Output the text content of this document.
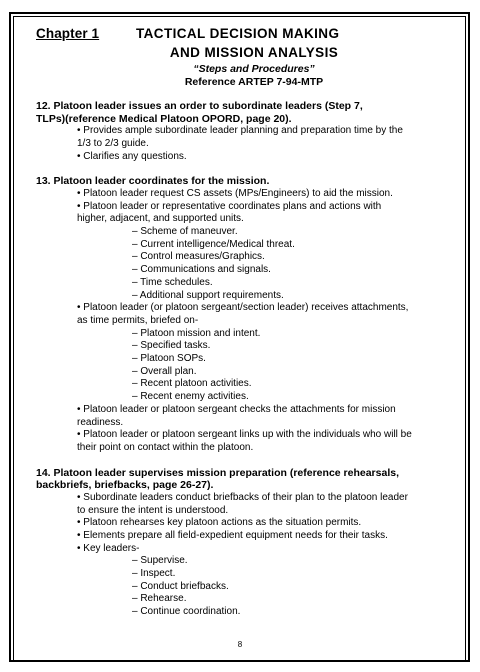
Chapter 1	TACTICAL DECISION MAKING
AND MISSION ANALYSIS
“Steps and Procedures”
Reference ARTEP 7-94-MTP
12. Platoon leader issues an order to subordinate leaders (Step 7,
TLPs)(reference Medical Platoon OPORD, page 20).
• Provides ample subordinate leader planning and preparation time by the
1/3 to 2/3 guide.
• Clarifies any questions.
13. Platoon leader coordinates for the mission.
• Platoon leader request CS assets (MPs/Engineers) to aid the mission.
• Platoon leader or representative coordinates plans and actions with
higher, adjacent, and supported units.
– Scheme of maneuver.
– Current intelligence/Medical threat.
– Control measures/Graphics.
– Communications and signals.
– Time schedules.
– Additional support requirements.
• Platoon leader (or platoon sergeant/section leader) receives attachments,
as time permits, briefed on-
– Platoon mission and intent.
– Specified tasks.
– Platoon SOPs.
– Overall plan.
– Recent platoon activities.
– Recent enemy activities.
• Platoon leader or platoon sergeant checks the attachments for mission
readiness.
• Platoon leader or platoon sergeant links up with the individuals who will be
their point on contact within the platoon.
14. Platoon leader supervises mission preparation (reference rehearsals,
backbriefs, briefbacks, page 26-27).
• Subordinate leaders conduct briefbacks of their plan to the platoon leader
to ensure the intent is understood.
• Platoon rehearses key platoon actions as the situation permits.
• Elements prepare all field-expedient equipment needs for their tasks.
• Key leaders-
– Supervise.
– Inspect.
– Conduct briefbacks.
– Rehearse.
– Continue coordination.
8
